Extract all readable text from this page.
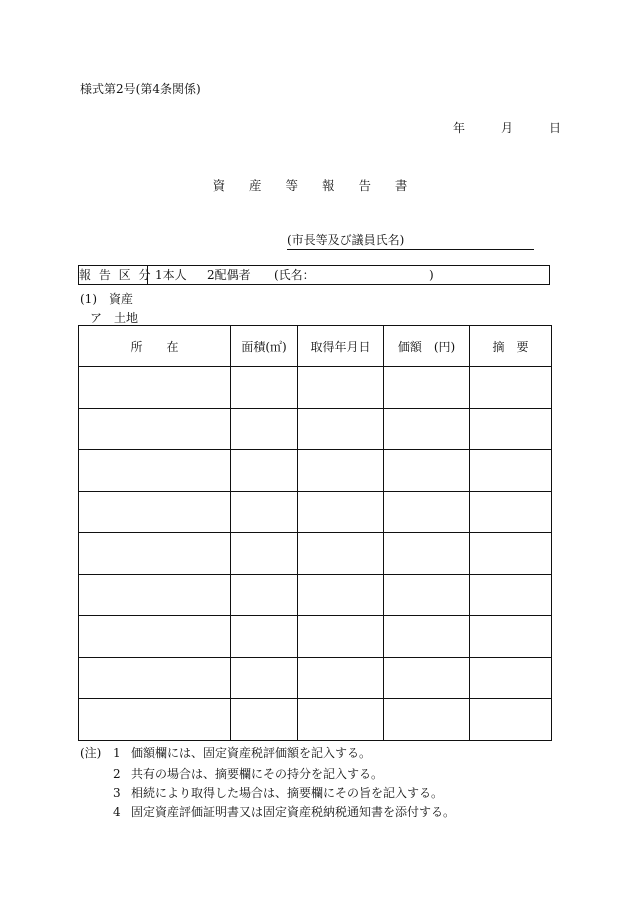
様式第2号(第4条関係)
年	月	日
資 産 等 報 告 書
(市長等及び議員氏名)
報 告 区 分 1本人 2配偶者 (氏名：	)
(1)　資産
ア　土地
所　　在	面積(㎡)	取得年月日	価額　(円)	摘　要

(注) 1 価額欄には、固定資産税評価額を記入する。
2 共有の場合は、摘要欄にその持分を記入する。
3 相続により取得した場合は、摘要欄にその旨を記入する。
4 固定資産評価証明書又は固定資産税納税通知書を添付する。
